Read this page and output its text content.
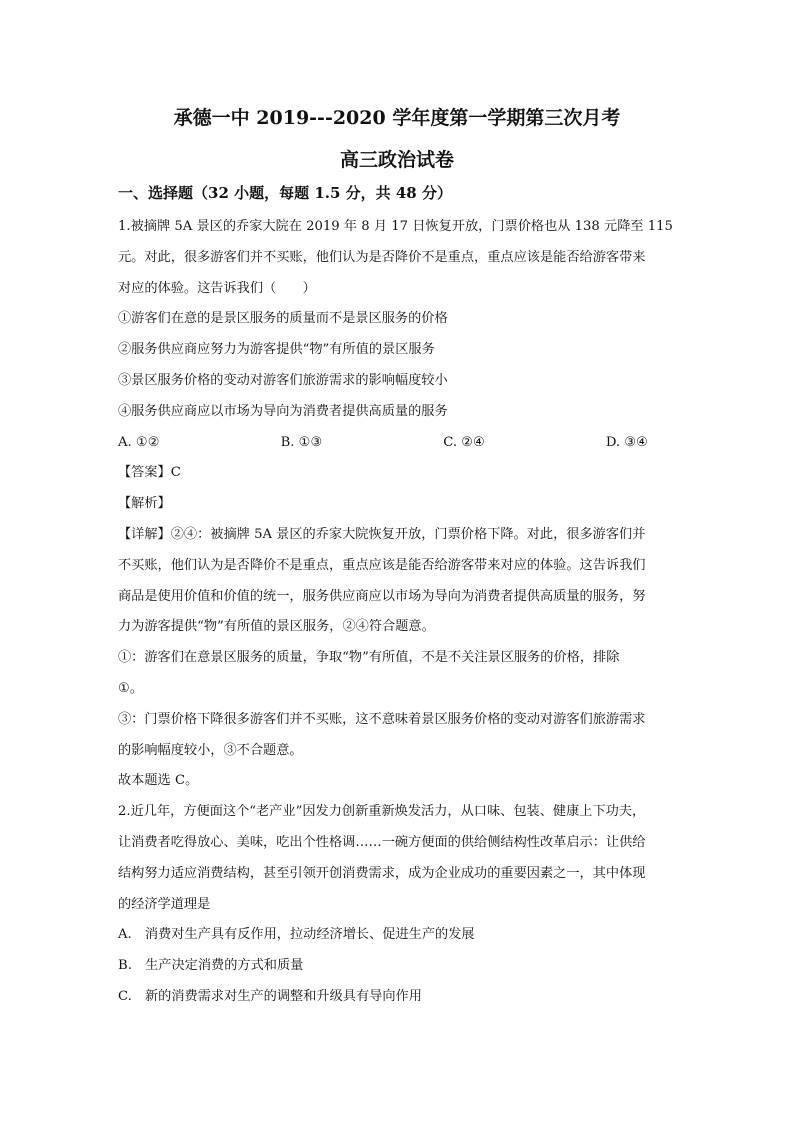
承德一中 2019---2020 学年度第一学期第三次月考
高三政治试卷
一、选择题（32 小题，每题 1.5 分，共 48 分）

1.被摘牌 5A 景区的乔家大院在 2019 年 8 月 17 日恢复开放，门票价格也从 138 元降至 115

元。对此，很多游客们并不买账，他们认为是否降价不是重点，重点应该是能否给游客带来

对应的体验。这告诉我们（　　）

①游客们在意的是景区服务的质量而不是景区服务的价格

②服务供应商应努力为游客提供“物”有所值的景区服务

③景区服务价格的变动对游客们旅游需求的影响幅度较小

④服务供应商应以市场为导向为消费者提供高质量的服务

A. ①②	B. ①③	C. ②④	D. ③④

【答案】C

【解析】

【详解】②④：被摘牌 5A 景区的乔家大院恢复开放，门票价格下降。对此，很多游客们并

不买账，他们认为是否降价不是重点，重点应该是能否给游客带来对应的体验。这告诉我们

商品是使用价值和价值的统一，服务供应商应以市场为导向为消费者提供高质量的服务，努

力为游客提供“物”有所值的景区服务，②④符合题意。

①：游客们在意景区服务的质量，争取“物”有所值，不是不关注景区服务的价格，排除

①。

③：门票价格下降很多游客们并不买账，这不意味着景区服务价格的变动对游客们旅游需求

的影响幅度较小，③不合题意。

故本题选 C。

2.近几年，方便面这个“老产业”因发力创新重新焕发活力，从口味、包装、健康上下功夫，

让消费者吃得放心、美味，吃出个性格调……一碗方便面的供给侧结构性改革启示：让供给

结构努力适应消费结构，甚至引领开创消费需求，成为企业成功的重要因素之一，其中体现

的经济学道理是

A.　消费对生产具有反作用，拉动经济增长、促进生产的发展

B.　生产决定消费的方式和质量

C.　新的消费需求对生产的调整和升级具有导向作用
